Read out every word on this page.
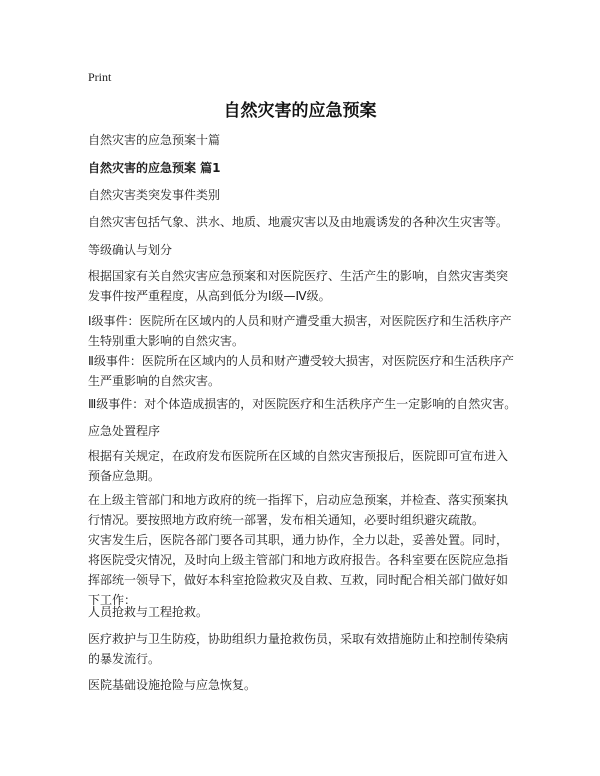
Print
自然灾害的应急预案

自然灾害的应急预案十篇

自然灾害的应急预案 篇1

自然灾害类突发事件类别

自然灾害包括气象、洪水、地质、地震灾害以及由地震诱发的各种次生灾害等。

等级确认与划分

根据国家有关自然灾害应急预案和对医院医疗、生活产生的影响，自然灾害类突发事件按严重程度，从高到低分为Ⅰ级—Ⅳ级。

Ⅰ级事件：医院所在区域内的人员和财产遭受重大损害，对医院医疗和生活秩序产生特别重大影响的自然灾害。

Ⅱ级事件：医院所在区域内的人员和财产遭受较大损害，对医院医疗和生活秩序产生严重影响的自然灾害。

Ⅲ级事件：对个体造成损害的，对医院医疗和生活秩序产生一定影响的自然灾害。

应急处置程序

根据有关规定，在政府发布医院所在区域的自然灾害预报后，医院即可宣布进入预备应急期。

在上级主管部门和地方政府的统一指挥下，启动应急预案，并检查、落实预案执行情况。要按照地方政府统一部署，发布相关通知，必要时组织避灾疏散。

灾害发生后，医院各部门要各司其职，通力协作，全力以赴，妥善处置。同时，将医院受灾情况，及时向上级主管部门和地方政府报告。各科室要在医院应急指挥部统一领导下，做好本科室抢险救灾及自救、互救，同时配合相关部门做好如下工作：

人员抢救与工程抢救。

医疗救护与卫生防疫，协助组织力量抢救伤员，采取有效措施防止和控制传染病的暴发流行。

医院基础设施抢险与应急恢复。
